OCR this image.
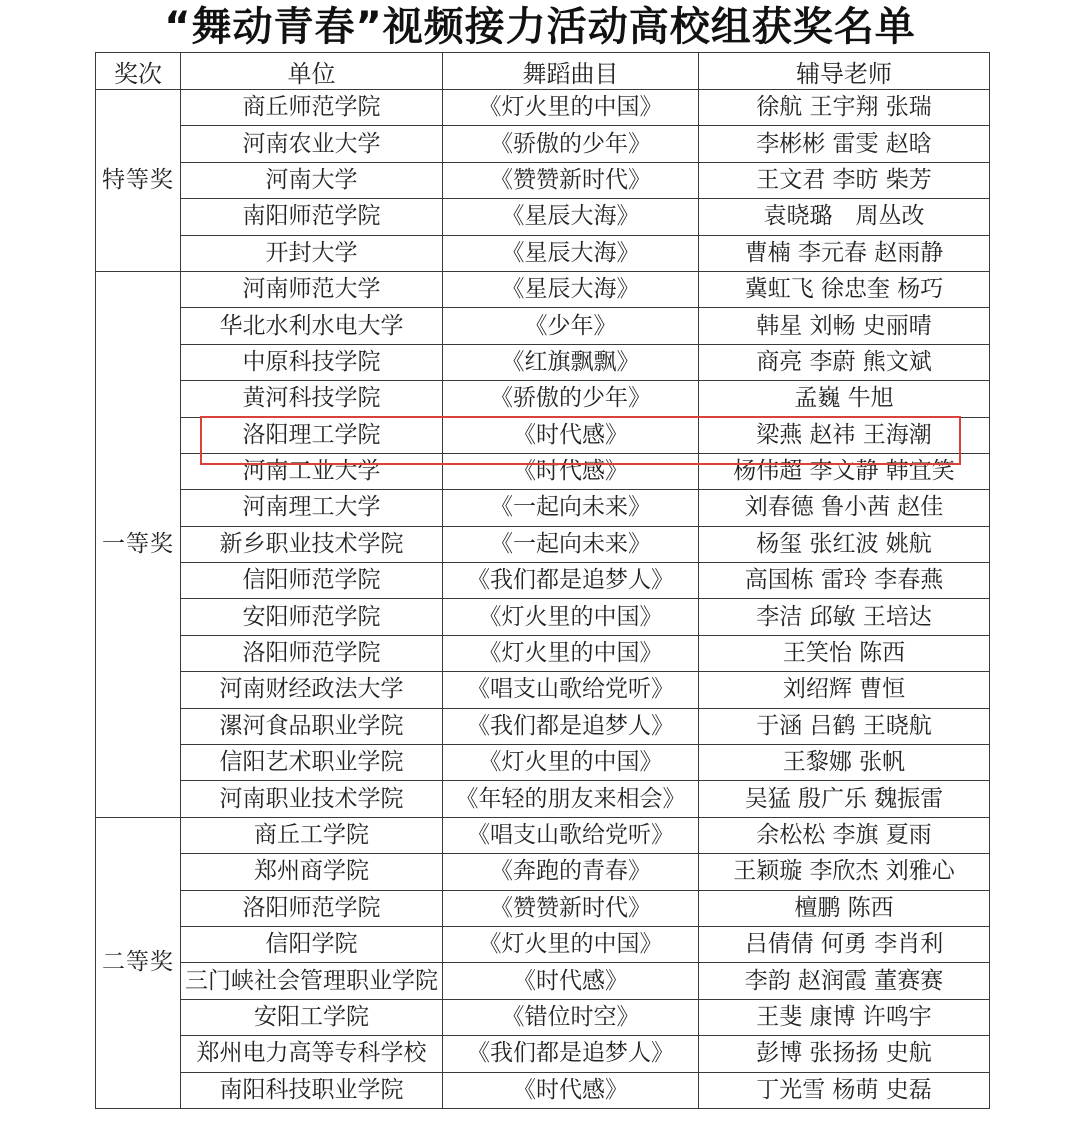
“舞动青春”视频接力活动高校组获奖名单
奖次	单位	舞蹈曲目	辅导老师
特等奖	商丘师范学院	《灯火里的中国》	徐航 王宇翔 张瑞
	河南农业大学	《骄傲的少年》	李彬彬 雷雯 赵晗
	河南大学	《赞赞新时代》	王文君 李昉 柴芳
	南阳师范学院	《星辰大海》	袁晓璐　周丛改
	开封大学	《星辰大海》	曹楠 李元春 赵雨静
一等奖	河南师范大学	《星辰大海》	冀虹飞 徐忠奎 杨巧
	华北水利水电大学	《少年》	韩星 刘畅 史丽晴
	中原科技学院	《红旗飘飘》	商亮 李蔚 熊文斌
	黄河科技学院	《骄傲的少年》	孟巍 牛旭
	洛阳理工学院	《时代感》	梁燕 赵祎 王海潮
	河南工业大学	《时代感》	杨伟超 李文静 韩宜笑
	河南理工大学	《一起向未来》	刘春德 鲁小茜 赵佳
	新乡职业技术学院	《一起向未来》	杨玺 张红波 姚航
	信阳师范学院	《我们都是追梦人》	高国栋 雷玲 李春燕
	安阳师范学院	《灯火里的中国》	李洁 邱敏 王培达
	洛阳师范学院	《灯火里的中国》	王笑怡 陈西
	河南财经政法大学	《唱支山歌给党听》	刘绍辉 曹恒
	漯河食品职业学院	《我们都是追梦人》	于涵 吕鹤 王晓航
	信阳艺术职业学院	《灯火里的中国》	王黎娜 张帆
	河南职业技术学院	《年轻的朋友来相会》	吴猛 殷广乐 魏振雷
二等奖	商丘工学院	《唱支山歌给党听》	余松松 李旗 夏雨
	郑州商学院	《奔跑的青春》	王颖璇 李欣杰 刘雅心
	洛阳师范学院	《赞赞新时代》	檀鹏 陈西
	信阳学院	《灯火里的中国》	吕倩倩 何勇 李肖利
	三门峡社会管理职业学院	《时代感》	李韵 赵润霞 董赛赛
	安阳工学院	《错位时空》	王斐 康博 许鸣宇
	郑州电力高等专科学校	《我们都是追梦人》	彭博 张扬扬 史航
	南阳科技职业学院	《时代感》	丁光雪 杨萌 史磊
